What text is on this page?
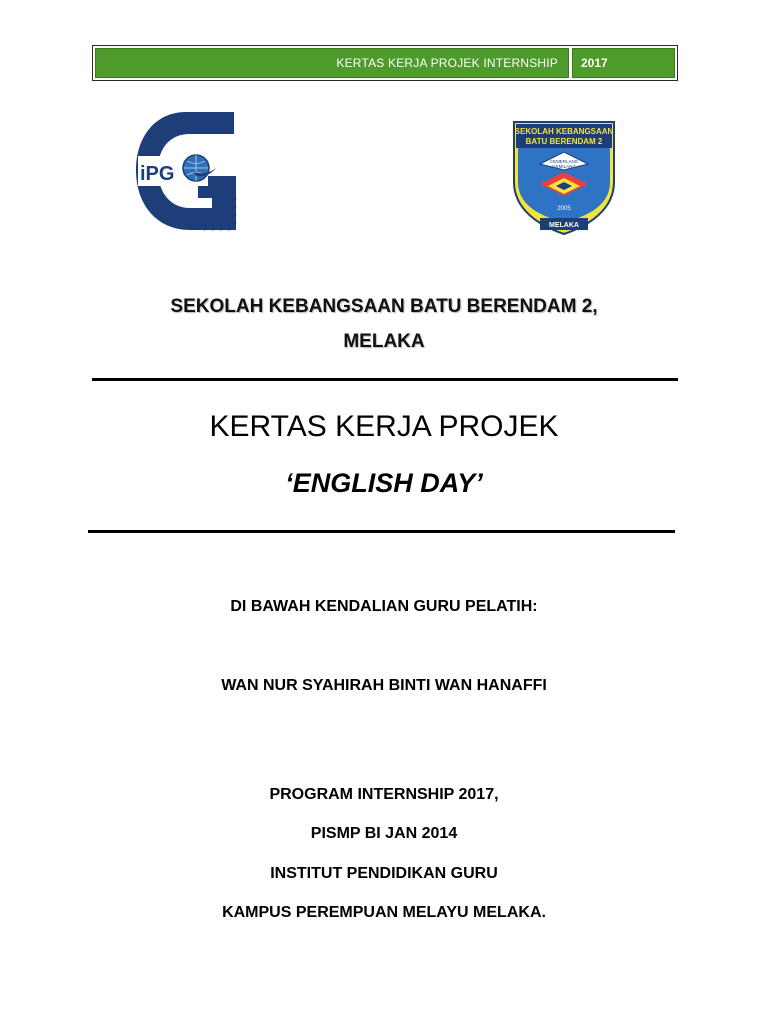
KERTAS KERJA PROJEK INTERNSHIP	2017
iPG
SEKOLAH KEBANGSAAN
BATU BERENDAM 2
CEMERLANG
GEMILANG
2005
MELAKA
SEKOLAH KEBANGSAAN BATU BERENDAM 2,
MELAKA
KERTAS KERJA PROJEK
‘ENGLISH DAY’
DI BAWAH KENDALIAN GURU PELATIH:
WAN NUR SYAHIRAH BINTI WAN HANAFFI
PROGRAM INTERNSHIP 2017,
PISMP BI JAN 2014
INSTITUT PENDIDIKAN GURU
KAMPUS PEREMPUAN MELAYU MELAKA.
